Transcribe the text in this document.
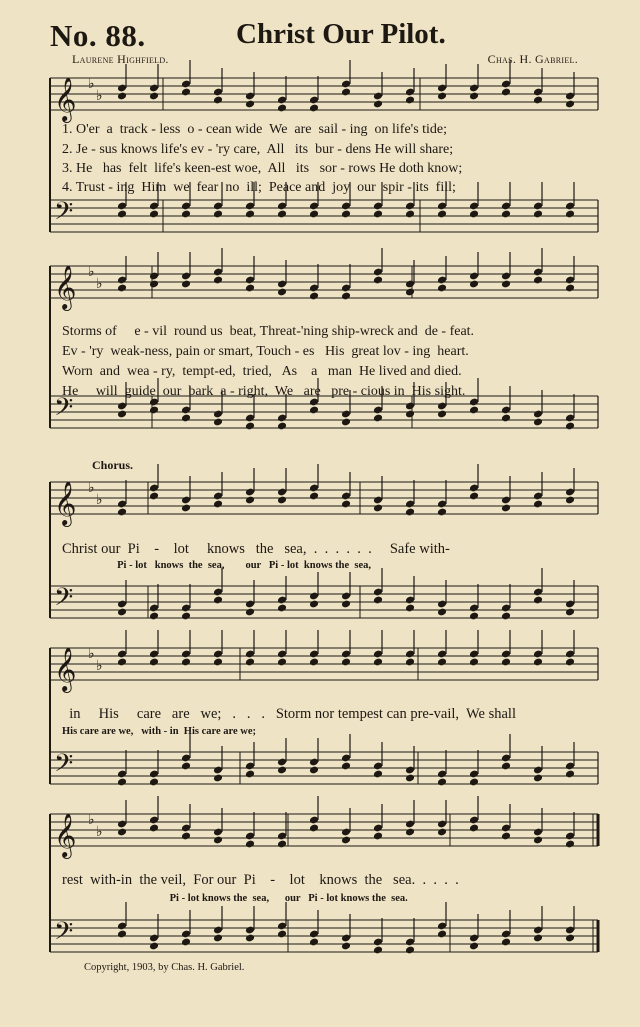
No. 88.	Christ Our Pilot.
Laurene Highfield.	Chas. H. Gabriel.
𝄞
𝄢
♭
♭
𝄞
𝄢
♭
♭
𝄞
𝄢
♭
♭
𝄞
𝄢
♭
♭
𝄞
𝄢
♭
♭
1. O'er  a  track - less  o - cean wide  We  are  sail - ing  on life's tide;
2. Je - sus knows life's ev - 'ry care,  All   its  bur - dens He will share;
3. He   has  felt  life's keen-est woe,  All   its   sor - rows He doth know;
4. Trust - ing  Him  we  fear  no  ill;  Peace and  joy  our  spir - its  fill;
Storms of     e - vil  round us  beat, Threat-'ning ship-wreck and  de - feat.
Ev - 'ry  weak-ness, pain or smart, Touch - es   His  great lov - ing  heart.
Worn  and  wea - ry,  tempt-ed,  tried,   As    a   man  He lived and died.
He     will  guide  our  bark  a - right,  We   are   pre - cious in  His sight.
Chorus.
Christ our  Pi    -    lot     knows   the   sea,  .  .  .  .  .  .     Safe with-
Pi - lot   knows  the  sea,        our   Pi - lot  knows the  sea,
in     His     care   are   we;   .   .   .   Storm nor tempest can pre-vail,  We shall
His care are we,   with - in  His care are we;
rest  with-in  the veil,  For our  Pi    -    lot    knows  the   sea.  .  .  .  .
Pi - lot knows the  sea,      our   Pi - lot knows the  sea.
Copyright, 1903, by Chas. H. Gabriel.
